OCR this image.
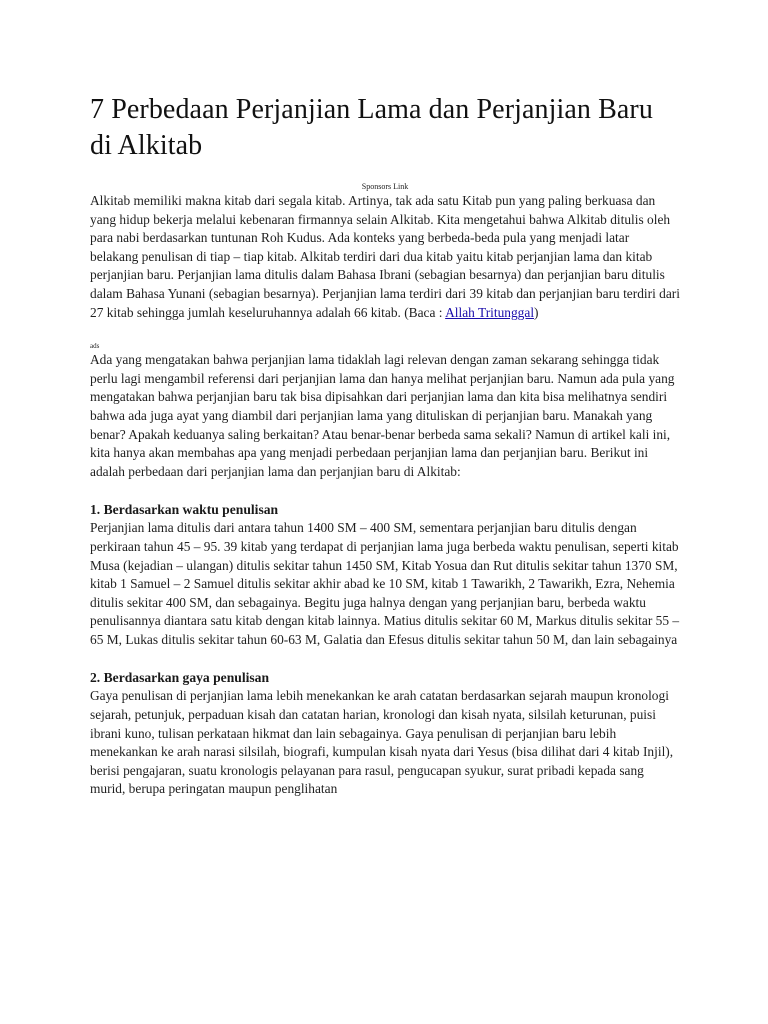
7 Perbedaan Perjanjian Lama dan Perjanjian Baru di Alkitab
Sponsors Link

Alkitab memiliki makna kitab dari segala kitab. Artinya, tak ada satu Kitab pun yang paling berkuasa dan yang hidup bekerja melalui kebenaran firmannya selain Alkitab. Kita mengetahui bahwa Alkitab ditulis oleh para nabi berdasarkan tuntunan Roh Kudus. Ada konteks yang berbeda-beda pula yang menjadi latar belakang penulisan di tiap – tiap kitab. Alkitab terdiri dari dua kitab yaitu kitab perjanjian lama dan kitab perjanjian baru. Perjanjian lama ditulis dalam Bahasa Ibrani (sebagian besarnya) dan perjanjian baru ditulis dalam Bahasa Yunani (sebagian besarnya). Perjanjian lama terdiri dari 39 kitab dan perjanjian baru terdiri dari 27 kitab sehingga jumlah keseluruhannya adalah 66 kitab. (Baca : Allah Tritunggal)

ads

Ada yang mengatakan bahwa perjanjian lama tidaklah lagi relevan dengan zaman sekarang sehingga tidak perlu lagi mengambil referensi dari perjanjian lama dan hanya melihat perjanjian baru. Namun ada pula yang mengatakan bahwa perjanjian baru tak bisa dipisahkan dari perjanjian lama dan kita bisa melihatnya sendiri bahwa ada juga ayat yang diambil dari perjanjian lama yang dituliskan di perjanjian baru. Manakah yang benar? Apakah keduanya saling berkaitan? Atau benar-benar berbeda sama sekali? Namun di artikel kali ini, kita hanya akan membahas apa yang menjadi perbedaan perjanjian lama dan perjanjian baru. Berikut ini adalah perbedaan dari perjanjian lama dan perjanjian baru di Alkitab:

1. Berdasarkan waktu penulisan

Perjanjian lama ditulis dari antara tahun 1400 SM – 400 SM, sementara perjanjian baru ditulis dengan perkiraan tahun 45 – 95. 39 kitab yang terdapat di perjanjian lama juga berbeda waktu penulisan, seperti kitab Musa (kejadian – ulangan) ditulis sekitar tahun 1450 SM, Kitab Yosua dan Rut ditulis sekitar tahun 1370 SM, kitab 1 Samuel – 2 Samuel ditulis sekitar akhir abad ke 10 SM, kitab 1 Tawarikh, 2 Tawarikh, Ezra, Nehemia ditulis sekitar 400 SM, dan sebagainya. Begitu juga halnya dengan yang perjanjian baru, berbeda waktu penulisannya diantara satu kitab dengan kitab lainnya. Matius ditulis sekitar 60 M, Markus ditulis sekitar 55 – 65 M, Lukas ditulis sekitar tahun 60-63 M, Galatia dan Efesus ditulis sekitar tahun 50 M, dan lain sebagainya

2. Berdasarkan gaya penulisan

Gaya penulisan di perjanjian lama lebih menekankan ke arah catatan berdasarkan sejarah maupun kronologi sejarah, petunjuk, perpaduan kisah dan catatan harian, kronologi dan kisah nyata, silsilah keturunan, puisi ibrani kuno, tulisan perkataan hikmat dan lain sebagainya. Gaya penulisan di perjanjian baru lebih menekankan ke arah narasi silsilah, biografi, kumpulan kisah nyata dari Yesus (bisa dilihat dari 4 kitab Injil), berisi pengajaran, suatu kronologis pelayanan para rasul, pengucapan syukur, surat pribadi kepada sang murid, berupa peringatan maupun penglihatan
